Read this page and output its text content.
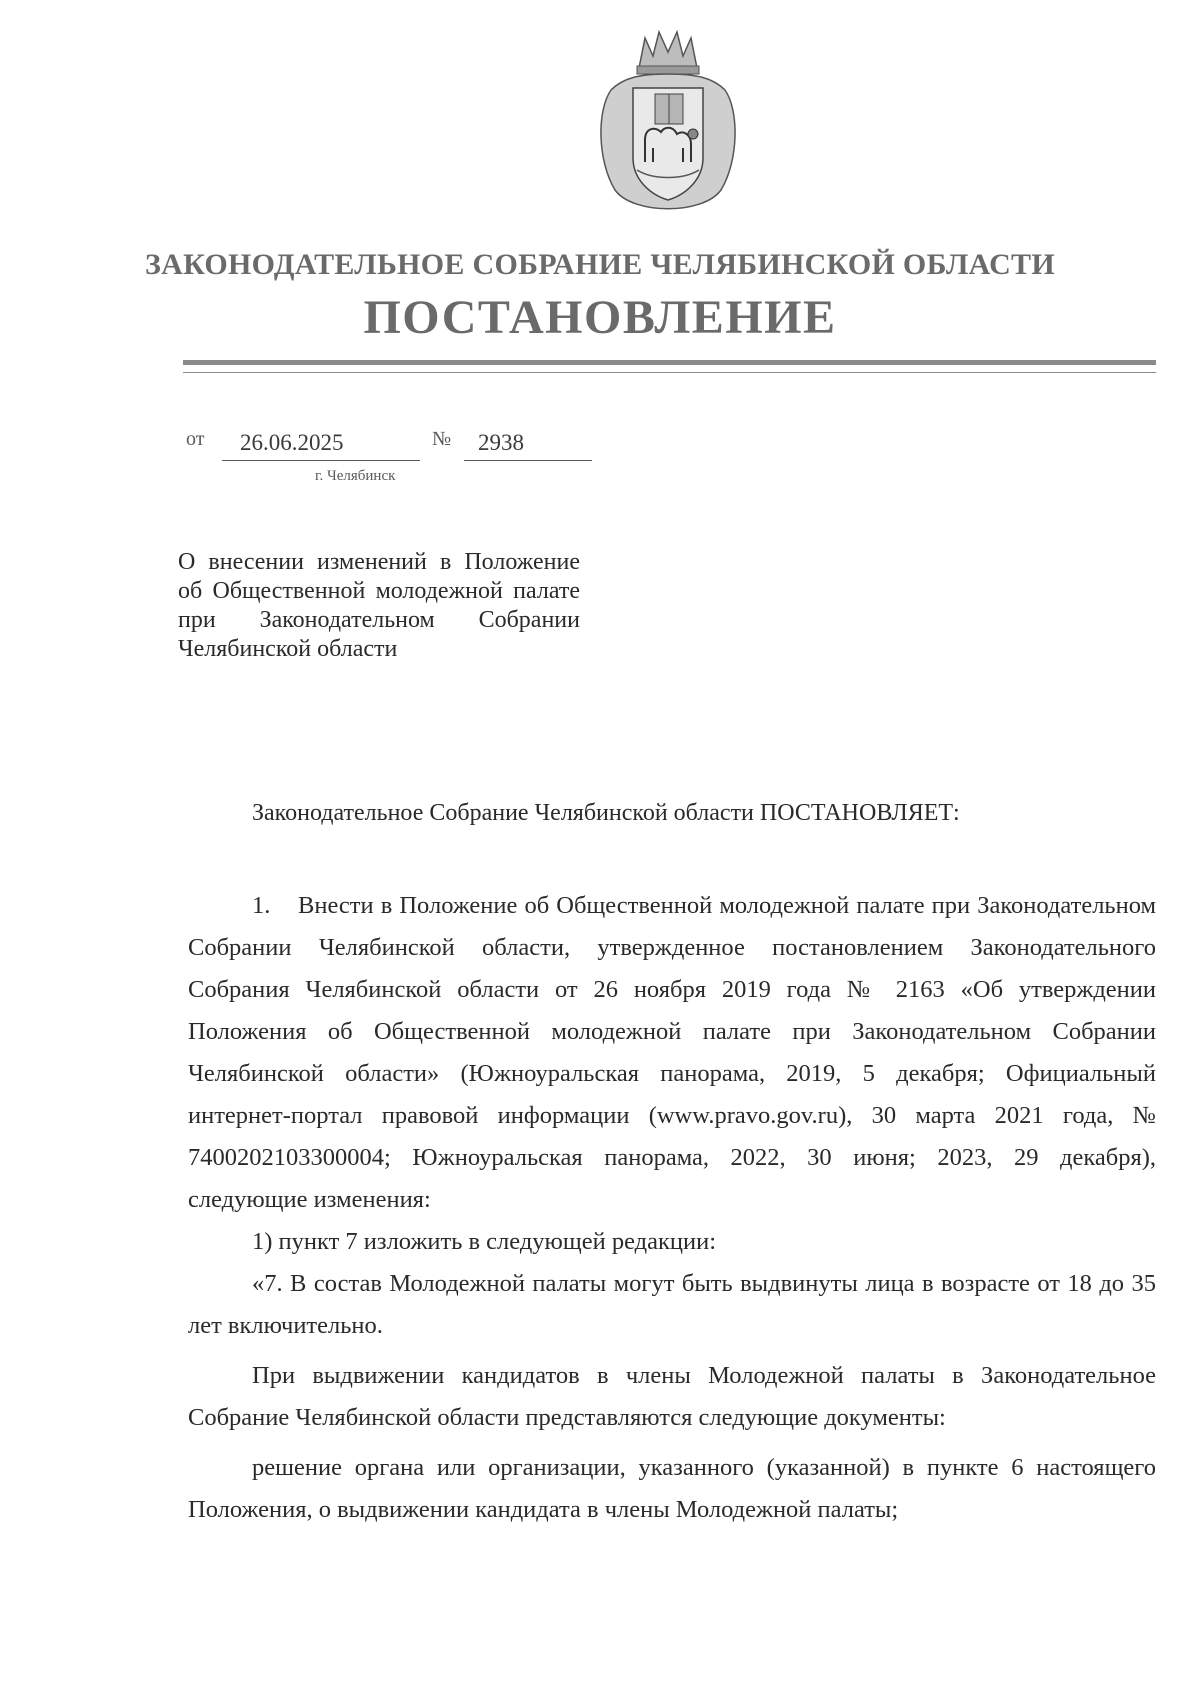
ЗАКОНОДАТЕЛЬНОЕ СОБРАНИЕ ЧЕЛЯБИНСКОЙ ОБЛАСТИ
ПОСТАНОВЛЕНИЕ
от 26.06.2025	№ 2938
г. Челябинск
О внесении изменений в Положение об Общественной молодежной палате при Законодательном Собрании Челябинской области
Законодательное Собрание Челябинской области ПОСТАНОВЛЯЕТ:

1. Внести в Положение об Общественной молодежной палате при Законодательном Собрании Челябинской области, утвержденное постановлением Законодательного Собрания Челябинской области от 26 ноября 2019 года № 2163 «Об утверждении Положения об Общественной молодежной палате при Законодательном Собрании Челябинской области» (Южноуральская панорама, 2019, 5 декабря; Официальный интернет-портал правовой информации (www.pravo.gov.ru), 30 марта 2021 года, № 7400202103300004; Южноуральская панорама, 2022, 30 июня; 2023, 29 декабря), следующие изменения:

1) пункт 7 изложить в следующей редакции:

«7. В состав Молодежной палаты могут быть выдвинуты лица в возрасте от 18 до 35 лет включительно.

При выдвижении кандидатов в члены Молодежной палаты в Законодательное Собрание Челябинской области представляются следующие документы:

решение органа или организации, указанного (указанной) в пункте 6 настоящего Положения, о выдвижении кандидата в члены Молодежной палаты;
